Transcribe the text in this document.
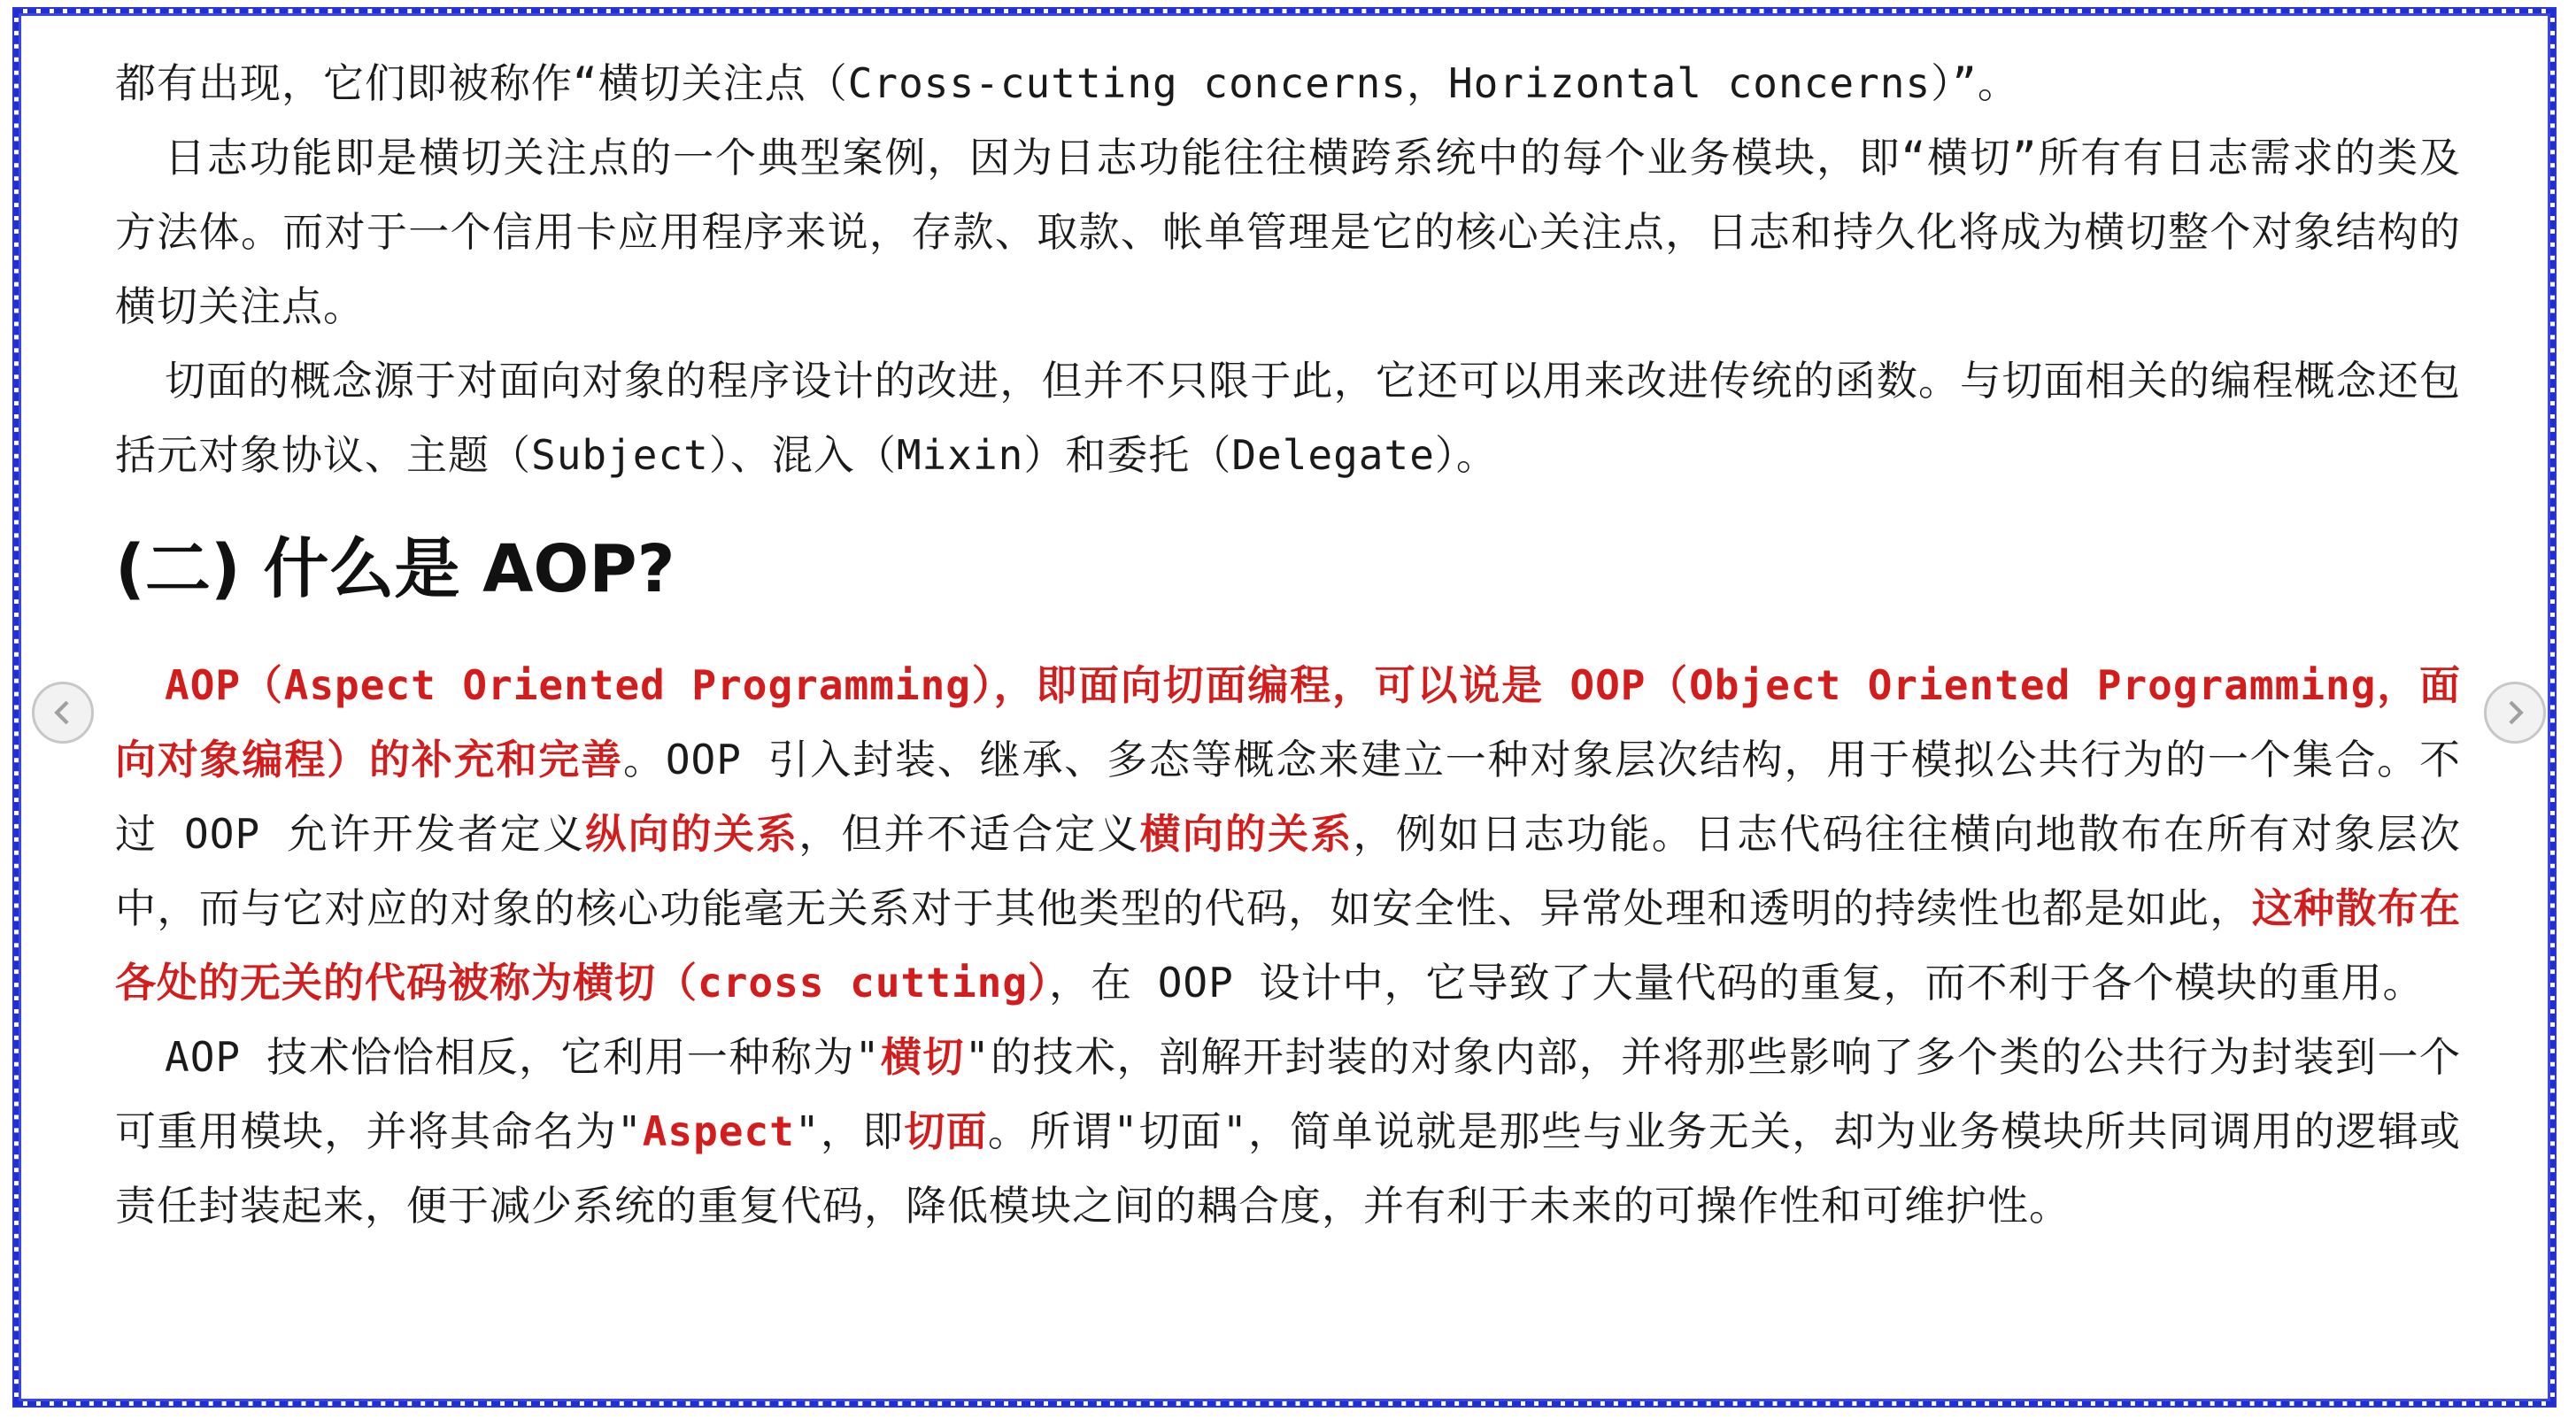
都有出现，它们即被称作“横切关注点（Cross-cutting concerns，Horizontal concerns）”。

日志功能即是横切关注点的一个典型案例，因为日志功能往往横跨系统中的每个业务模块，即“横切”所有有日志需求的类及方法体。而对于一个信用卡应用程序来说，存款、取款、帐单管理是它的核心关注点，日志和持久化将成为横切整个对象结构的横切关注点。

切面的概念源于对面向对象的程序设计的改进，但并不只限于此，它还可以用来改进传统的函数。与切面相关的编程概念还包括元对象协议、主题（Subject）、混入（Mixin）和委托（Delegate）。

(二) 什么是 AOP?

AOP（Aspect Oriented Programming），即面向切面编程，可以说是 OOP（Object Oriented Programming，面向对象编程）的补充和完善。OOP 引入封装、继承、多态等概念来建立一种对象层次结构，用于模拟公共行为的一个集合。不过 OOP 允许开发者定义纵向的关系，但并不适合定义横向的关系，例如日志功能。日志代码往往横向地散布在所有对象层次中，而与它对应的对象的核心功能毫无关系对于其他类型的代码，如安全性、异常处理和透明的持续性也都是如此，这种散布在各处的无关的代码被称为横切（cross cutting），在 OOP 设计中，它导致了大量代码的重复，而不利于各个模块的重用。

AOP 技术恰恰相反，它利用一种称为"横切"的技术，剖解开封装的对象内部，并将那些影响了多个类的公共行为封装到一个可重用模块，并将其命名为"Aspect"，即切面。所谓"切面"，简单说就是那些与业务无关，却为业务模块所共同调用的逻辑或责任封装起来，便于减少系统的重复代码，降低模块之间的耦合度，并有利于未来的可操作性和可维护性。
